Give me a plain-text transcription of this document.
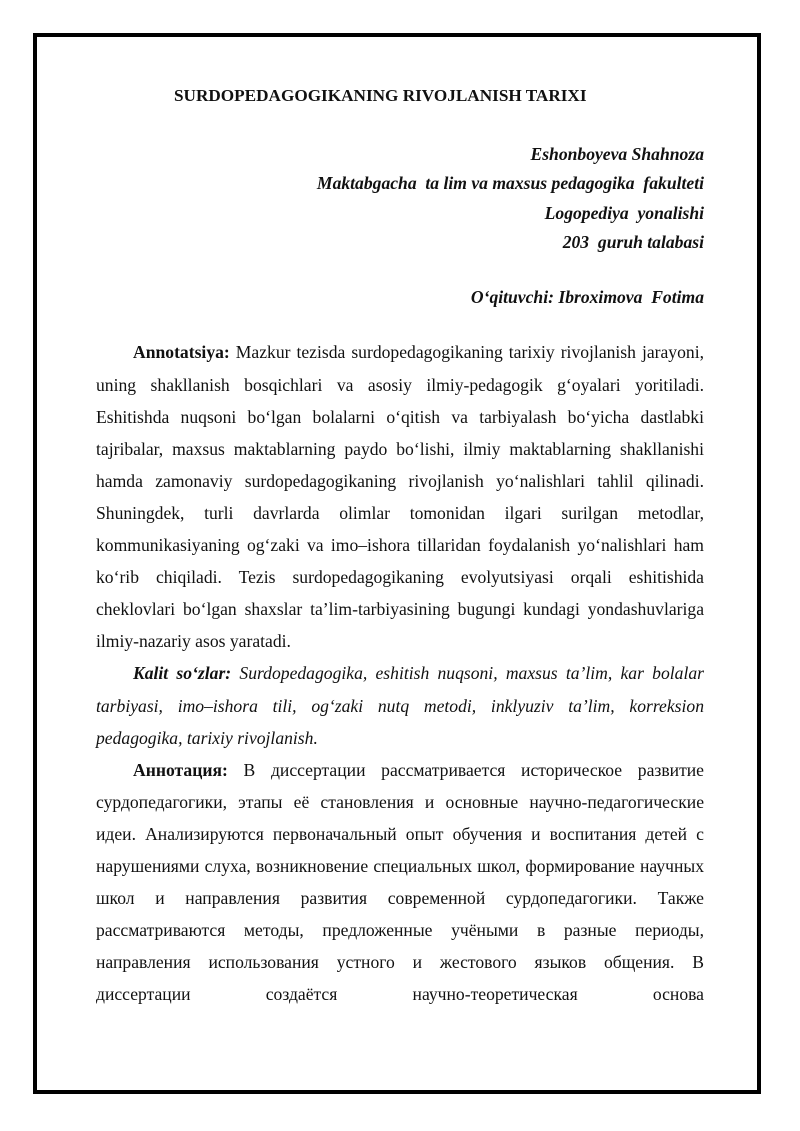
SURDOPEDAGOGIKANING RIVOJLANISH TARIXI
Eshonboyeva Shahnoza
Maktabgacha  ta lim va maxsus pedagogika  fakulteti
Logopediya  yonalishi
203  guruh talabasi
O‘qituvchi: Ibroximova  Fotima

Annotatsiya: Mazkur tezisda surdopedagogikaning tarixiy rivojlanish jarayoni, uning shakllanish bosqichlari va asosiy ilmiy-pedagogik g‘oyalari yoritiladi. Eshitishda nuqsoni bo‘lgan bolalarni o‘qitish va tarbiyalash bo‘yicha dastlabki tajribalar, maxsus maktablarning paydo bo‘lishi, ilmiy maktablarning shakllanishi hamda zamonaviy surdopedagogikaning rivojlanish yo‘nalishlari tahlil qilinadi. Shuningdek, turli davrlarda olimlar tomonidan ilgari surilgan metodlar, kommunikasiyaning og‘zaki va imo–ishora tillaridan foydalanish yo‘nalishlari ham ko‘rib chiqiladi. Tezis surdopedagogikaning evolyutsiyasi orqali eshitishida cheklovlari bo‘lgan shaxslar ta’lim-tarbiyasining bugungi kundagi yondashuvlariga ilmiy-nazariy asos yaratadi.

Kalit so‘zlar: Surdopedagogika, eshitish nuqsoni, maxsus ta’lim, kar bolalar tarbiyasi, imo–ishora tili, og‘zaki nutq metodi, inklyuziv ta’lim, korreksion pedagogika, tarixiy rivojlanish.

Аннотация: В диссертации рассматривается историческое развитие сурдопедагогики, этапы её становления и основные научно-педагогические идеи. Анализируются первоначальный опыт обучения и воспитания детей с нарушениями слуха, возникновение специальных школ, формирование научных школ и направления развития современной сурдопедагогики. Также рассматриваются методы, предложенные учёными в разные периоды, направления использования устного и жестового языков общения. В диссертации создаётся научно-теоретическая основа
